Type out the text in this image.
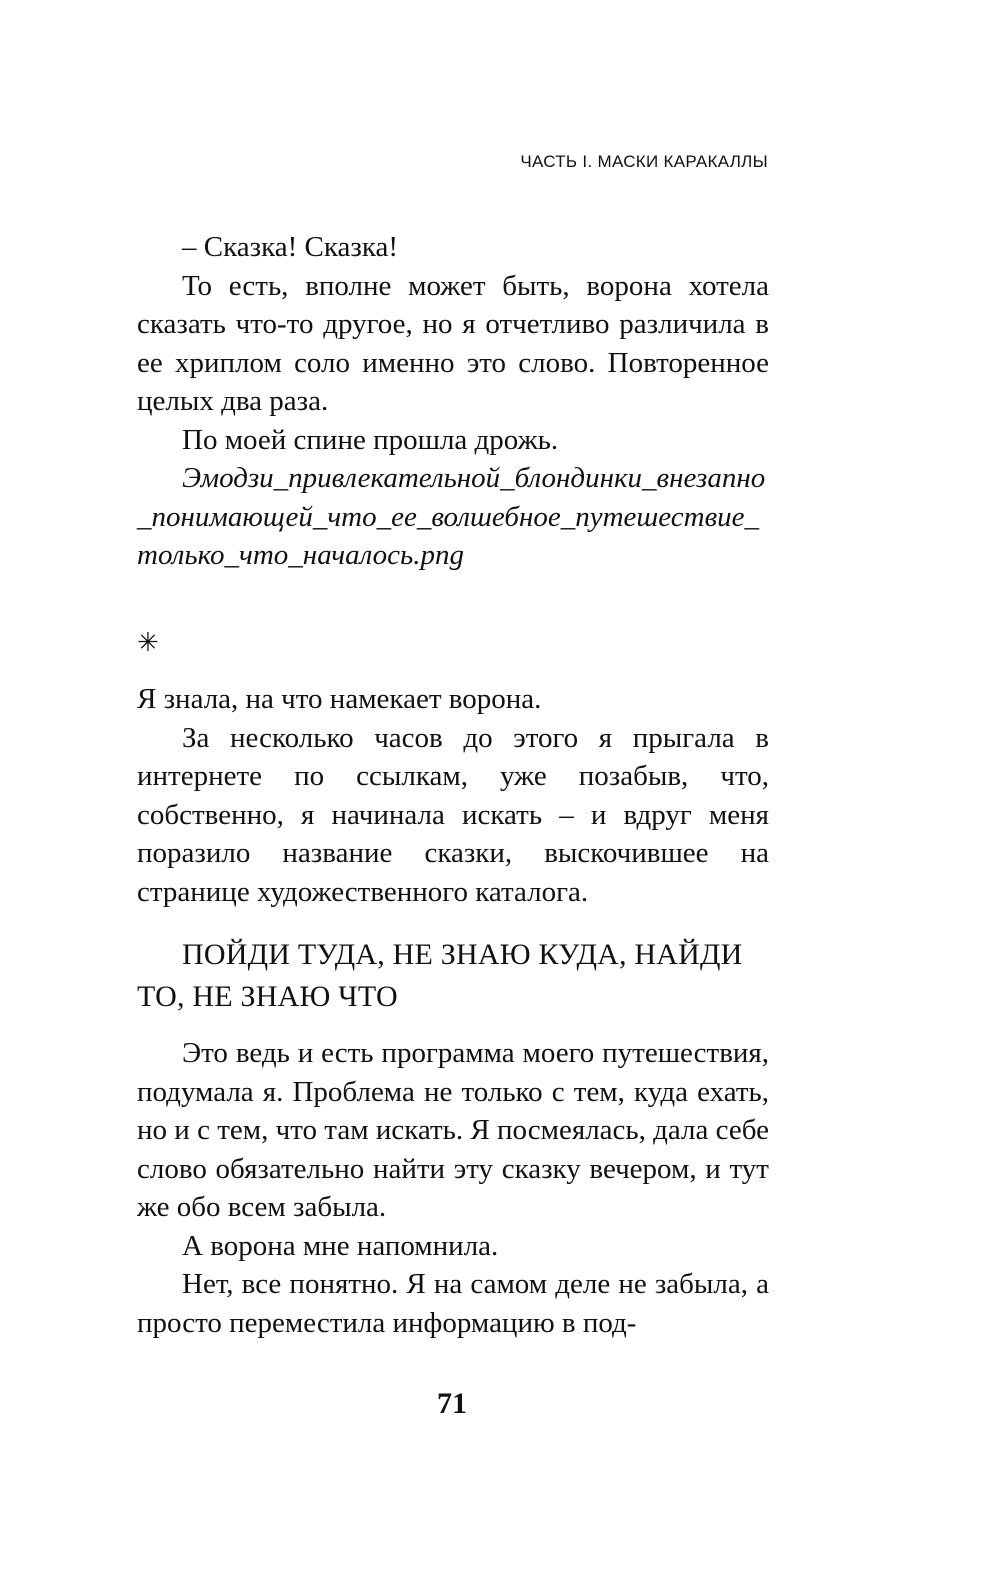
ЧАСТЬ I. МАСКИ КАРАКАЛЛЫ

– Сказка! Сказка!

То есть, вполне может быть, ворона хотела сказать что-то другое, но я отчетливо различила в ее хриплом соло именно это слово. Повторенное целых два раза.

По моей спине прошла дрожь.

Эмодзи_привлекательной_блондинки_внезапно_понимающей_что_ее_волшебное_путешествие_только_что_началось.png

✳

Я знала, на что намекает ворона.

За несколько часов до этого я прыгала в интернете по ссылкам, уже позабыв, что, собственно, я начинала искать – и вдруг меня поразило название сказки, выскочившее на странице художественного каталога.

ПОЙДИ ТУДА, НЕ ЗНАЮ КУДА, НАЙДИ
ТО, НЕ ЗНАЮ ЧТО

Это ведь и есть программа моего путешествия, подумала я. Проблема не только с тем, куда ехать, но и с тем, что там искать. Я посмеялась, дала себе слово обязательно найти эту сказку вечером, и тут же обо всем забыла.

А ворона мне напомнила.

Нет, все понятно. Я на самом деле не забыла, а просто переместила информацию в под-

71
